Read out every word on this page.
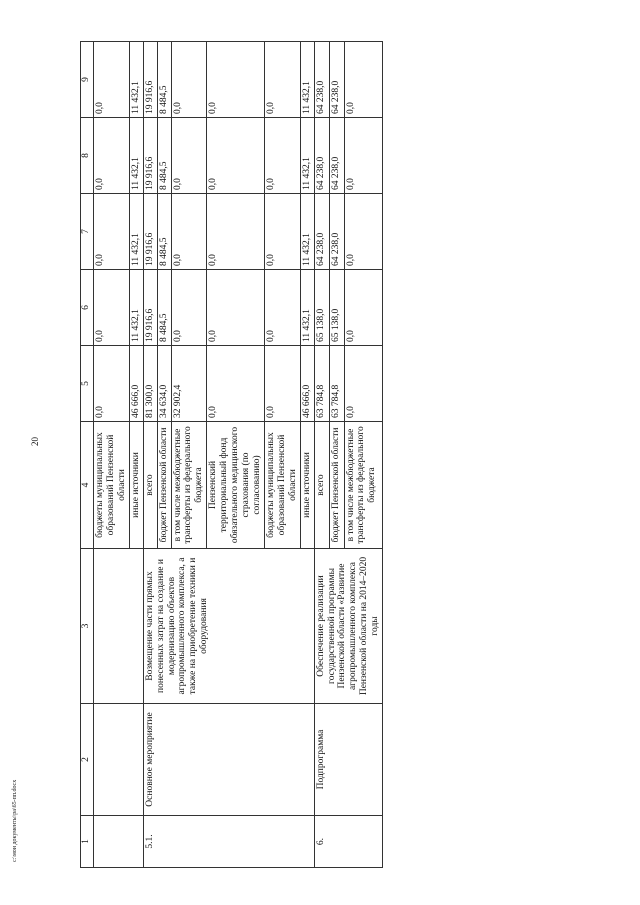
20
c:\мои документы\ра\65-пп.docx	1	2	3	4	5	6	7	8	9
			бюджеты муниципальных образований Пензенской области	0,0	0,0	0,0	0,0	0,0
			иные источники	46 666,0	11 432,1	11 432,1	11 432,1	11 432,1
5.1.	Основное мероприятие	Возмещение части прямых понесенных затрат на создание и модернизацию объектов агропромышленного комплекса, а также на приобретение техники и оборудования	всего	81 300,0	19 916,6	19 916,6	19 916,6	19 916,6
			бюджет Пензенской области	34 634,0	8 484,5	8 484,5	8 484,5	8 484,5
			в том числе межбюджетные трансферты из федерального бюджета	32 902,4	0,0	0,0	0,0	0,0
			Пензенский территориальный фонд обязательного медицинского страхования (по согласованию)	0,0	0,0	0,0	0,0	0,0
			бюджеты муниципальных образований Пензенской области	0,0	0,0	0,0	0,0	0,0
			иные источники	46 666,0	11 432,1	11 432,1	11 432,1	11 432,1
6.	Подпрограмма	Обеспечение реализации государственной программы Пензенской области «Развитие агропромышленного комплекса Пензенской области на 2014–2020 годы	всего	63 784,8	65 138,0	64 238,0	64 238,0	64 238,0
			бюджет Пензенской области	63 784,8	65 138,0	64 238,0	64 238,0	64 238,0
			в том числе межбюджетные трансферты из федерального бюджета	0,0	0,0	0,0	0,0	0,0
